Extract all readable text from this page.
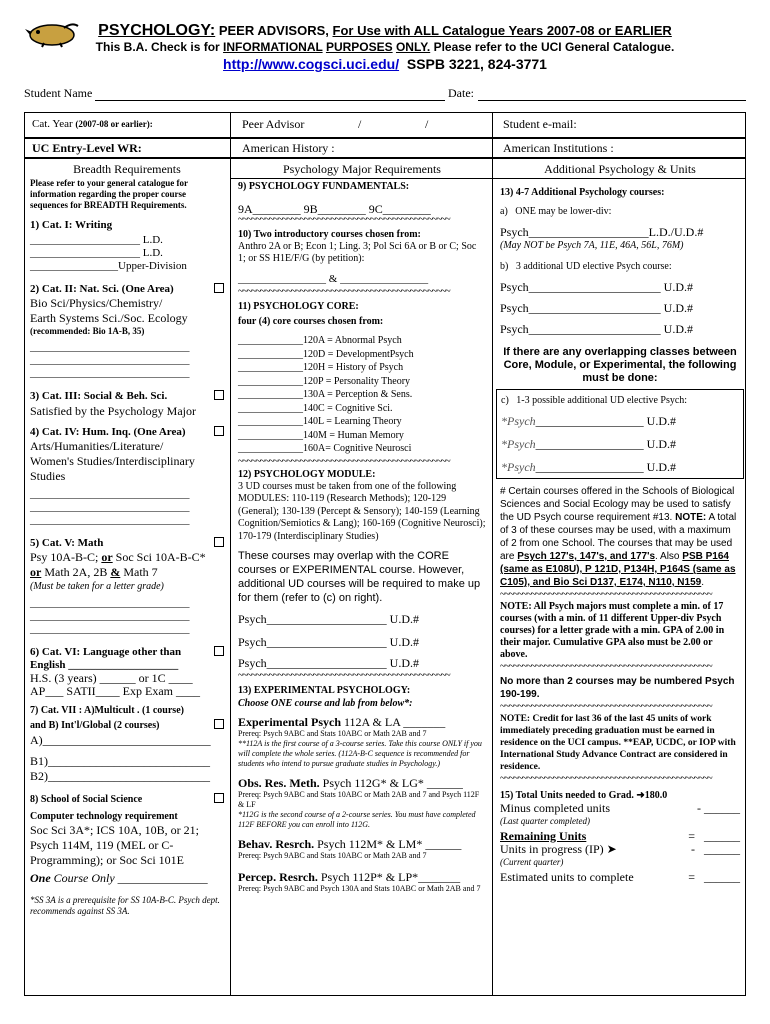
PSYCHOLOGY: PEER ADVISORS, For Use with ALL Catalogue Years 2007-08 or EARLIER
This B.A. Check is for INFORMATIONAL PURPOSES ONLY. Please refer to the UCI General Catalogue.
http://www.cogsci.uci.edu/ SSPB 3221, 824-3771
Student Name	Date:
Cat. Year (2007-08 or earlier):	Peer Advisor	/	/	Student e-mail:
UC Entry-Level WR:	American History :	American Institutions :

Breadth Requirements

Please refer to your general catalogue for information regarding the proper course sequences for BREADTH Requirements.

1) Cat. I: Writing

____________________ L.D.

____________________ L.D.

________________Upper-Division

2) Cat. II: Nat. Sci. (One Area)

Bio Sci/Physics/Chemistry/
Earth Systems Sci./Soc. Ecology

(recommended: Bio 1A-B, 35)

_____________________________

_____________________________

_____________________________

3) Cat. III: Social & Beh. Sci.

Satisfied by the Psychology Major

4) Cat. IV: Hum. Inq. (One Area)

Arts/Humanities/Literature/
Women's Studies/Interdisciplinary
Studies

_____________________________

_____________________________

_____________________________

5) Cat. V: Math

Psy 10A-B-C; or Soc Sci 10A-B-C*
or Math 2A, 2B & Math 7

(Must be taken for a letter grade)

_____________________________

_____________________________

_____________________________

6) Cat. VI: Language other than

English ____________________

H.S. (3 years) ______ or 1C ____

AP___ SATII____ Exp Exam ____

7) Cat. VII : A)Multicult . (1 course)

and B) Int'l/Global (2 courses)

A)____________________________

B1)___________________________

B2)___________________________

8) School of Social Science

Computer technology requirement

Soc Sci 3A*; ICS 10A, 10B, or 21;
Psych 114M, 119 (MEL or C-
Programming); or Soc Sci 101E

One Course Only _______________

*SS 3A is a prerequisite for SS 10A-B-C. Psych dept. recommends against SS 3A.

Psychology Major Requirements

9) PSYCHOLOGY FUNDAMENTALS:

9A________ 9B________ 9C________

~~~~~~~~~~~~~~~~~~~~~~~~~~~~~~~~~~~~~~~~~~~~~~~~

10) Two introductory courses chosen from:

Anthro 2A or B; Econ 1; Ling. 3; Pol Sci 6A or B or C; Soc 1; or SS H1E/F/G (by petition):

________________ & ________________

~~~~~~~~~~~~~~~~~~~~~~~~~~~~~~~~~~~~~~~~~~~~~~~~

11) PSYCHOLOGY CORE:

four (4) core courses chosen from:

_____________120A = Abnormal Psych

_____________120D = DevelopmentPsych

_____________120H = History of Psych

_____________120P = Personality Theory

_____________130A = Perception & Sens.

_____________140C = Cognitive Sci.

_____________140L = Learning Theory

_____________140M = Human Memory

_____________160A= Cognitive Neurosci

~~~~~~~~~~~~~~~~~~~~~~~~~~~~~~~~~~~~~~~~~~~~~~~~

12) PSYCHOLOGY MODULE:

3 UD courses must be taken from one of the following MODULES: 110-119 (Research Methods); 120-129 (General); 130-139 (Percept & Sensory); 140-159 (Learning Cognition/Semiotics & Lang); 160-169 (Cognitive Neurosci); 170-179 (Interdisciplinary Studies)

These courses may overlap with the CORE courses or EXPERIMENTAL course. However, additional UD courses will be required to make up for them (refer to (c) on right).

Psych____________________ U.D.#

Psych____________________ U.D.#

Psych____________________ U.D.#

~~~~~~~~~~~~~~~~~~~~~~~~~~~~~~~~~~~~~~~~~~~~~~~~

13) EXPERIMENTAL PSYCHOLOGY:

Choose ONE course and lab from below*:

Experimental Psych 112A & LA _______

Prereq: Psych 9ABC and Stats 10ABC or Math 2AB and 7

**112A is the first course of a 3-course series. Take this course ONLY if you will complete the whole series. (112A-B-C sequence is recommended for students who intend to pursue graduate studies in Psychology.)

Obs. Res. Meth. Psych 112G* & LG* ______

Prereq: Psych 9ABC and Stats 10ABC or Math 2AB and 7 and Psych 112F & LF

*112G is the second course of a 2-course series. You must have completed 112F BEFORE you can enroll into 112G.

Behav. Resrch. Psych 112M* & LM* ______

Prereq: Psych 9ABC and Stats 10ABC or Math 2AB and 7

Percep. Resrch. Psych 112P* & LP*_______

Prereq: Psych 9ABC and Psych 130A and Stats 10ABC or Math 2AB and 7

Additional Psychology & Units

13) 4-7 Additional Psychology courses:

a) ONE may be lower-div:

Psych____________________L.D./U.D.#

(May NOT be Psych 7A, 11E, 46A, 56L, 76M)

b) 3 additional UD elective Psych course:

Psych______________________ U.D.#

Psych______________________ U.D.#

Psych______________________ U.D.#

If there are any overlapping classes between Core, Module, or Experimental, the following must be done:

c) 1-3 possible additional UD elective Psych:

*Psych__________________ U.D.#

*Psych__________________ U.D.#

*Psych__________________ U.D.#

# Certain courses offered in the Schools of Biological Sciences and Social Ecology may be used to satisfy the UD Psych course requirement #13. NOTE: A total of 3 of these courses may be used, with a maximum of 2 from one School. The courses that may be used are Psych 127's, 147's, and 177's. Also PSB P164 (same as E108U), P 121D, P134H, P164S (same as C105), and Bio Sci D137, E174, N110, N159.

~~~~~~~~~~~~~~~~~~~~~~~~~~~~~~~~~~~~~~~~~~~~~~~~

NOTE: All Psych majors must complete a min. of 17 courses (with a min. of 11 different Upper-div Psych courses) for a letter grade with a min. GPA of 2.00 in their major. Cumulative GPA also must be 2.00 or above.

~~~~~~~~~~~~~~~~~~~~~~~~~~~~~~~~~~~~~~~~~~~~~~~~

No more than 2 courses may be numbered Psych 190-199.

~~~~~~~~~~~~~~~~~~~~~~~~~~~~~~~~~~~~~~~~~~~~~~~~

NOTE: Credit for last 36 of the last 45 units of work immediately preceding graduation must be earned in residence on the UCI campus. **EAP, UCDC, or IOP with International Study Advance Contract are considered in residence.

~~~~~~~~~~~~~~~~~~~~~~~~~~~~~~~~~~~~~~~~~~~~~~~~

15) Total Units needed to Grad. ➜180.0

Minus completed units	- ______

(Last quarter completed)

Remaining Units	=   ______
Units in progress (IP) ➤	-   ______

(Current quarter)

Estimated units to complete	=   ______
